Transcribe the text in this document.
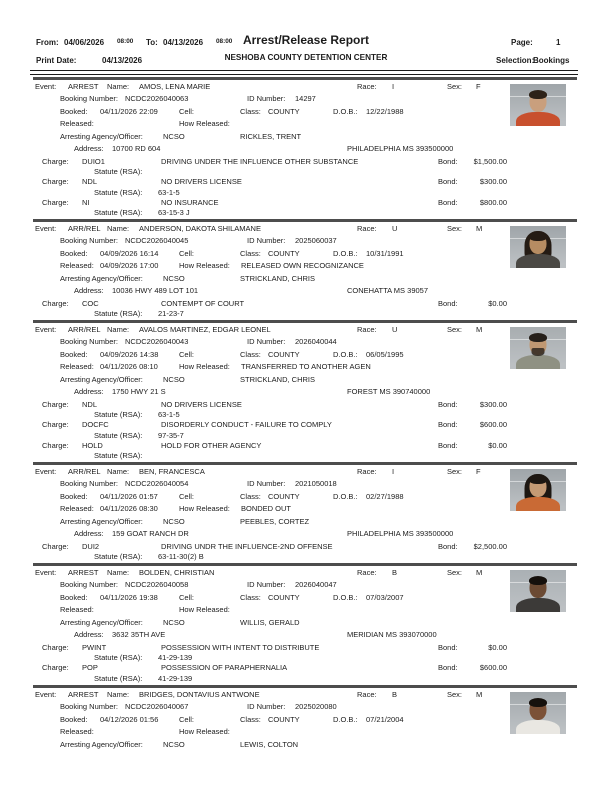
From: 04/06/2026 08:00 To: 04/13/2026 08:00 Arrest/Release Report	Page:	1
Print Date:	04/13/2026	NESHOBA COUNTY DETENTION CENTER	Selection:
Bookings
Event: ARREST Name: AMOS, LENA MARIE	Race: I	Sex: F
Booking Number: NCDC2026040063	ID Number: 14297
Booked: 04/11/2026 22:09	Cell:	Class: COUNTY	D.O.B.: 12/22/1988
Released:	How Released:
Arresting Agency/Officer:	NCSO	RICKLES, TRENT
Address: 10700 RD 604	PHILADELPHIA MS 393500000
Charge: DUIO1	DRIVING UNDER THE INFLUENCE OTHER SUBSTANCE	Bond:	$1,500.00
Statute (RSA):
Charge: NDL	NO DRIVERS LICENSE	Bond:	$300.00
Statute (RSA): 63-1-5
Charge: NI	NO INSURANCE	Bond:	$800.00
Statute (RSA): 63-15-3 J
Event: ARR/REL Name: ANDERSON, DAKOTA SHILAMANE	Race: U	Sex: M
Booking Number: NCDC2026040045	ID Number: 2025060037
Booked: 04/09/2026 16:14	Cell:	Class: COUNTY	D.O.B.: 10/31/1991
Released: 04/09/2026 17:00	How Released: RELEASED OWN RECOGNIZANCE
Arresting Agency/Officer:	NCSO	STRICKLAND, CHRIS
Address: 10036 HWY 489 LOT 101	CONEHATTA MS 39057
Charge: COC	CONTEMPT OF COURT	Bond:	$0.00
Statute (RSA): 21-23-7
Event: ARR/REL Name: AVALOS MARTINEZ, EDGAR LEONEL	Race: U	Sex: M
Booking Number: NCDC2026040043	ID Number: 2026040044
Booked: 04/09/2026 14:38	Cell:	Class: COUNTY	D.O.B.: 06/05/1995
Released: 04/11/2026 08:10	How Released: TRANSFERRED TO ANOTHER AGEN
Arresting Agency/Officer:	NCSO	STRICKLAND, CHRIS
Address: 1750 HWY 21 S	FOREST MS 390740000
Charge: NDL	NO DRIVERS LICENSE	Bond:	$300.00
Statute (RSA): 63-1-5
Charge: DOCFC	DISORDERLY CONDUCT - FAILURE TO COMPLY	Bond:	$600.00
Statute (RSA): 97-35-7
Charge: HOLD	HOLD FOR OTHER AGENCY	Bond:	$0.00
Statute (RSA):
Event: ARR/REL Name: BEN, FRANCESCA	Race: I	Sex: F
Booking Number: NCDC2026040054	ID Number: 2021050018
Booked: 04/11/2026 01:57	Cell:	Class: COUNTY	D.O.B.: 02/27/1988
Released: 04/11/2026 08:30	How Released: BONDED OUT
Arresting Agency/Officer:	NCSO	PEEBLES, CORTEZ
Address: 159 GOAT RANCH DR	PHILADELPHIA MS 393500000
Charge: DUI2	DRIVING UNDR THE INFLUENCE-2ND OFFENSE	Bond:	$2,500.00
Statute (RSA): 63-11-30(2) B
Event: ARREST Name: BOLDEN, CHRISTIAN	Race: B	Sex: M
Booking Number: NCDC2026040058	ID Number: 2026040047
Booked: 04/11/2026 19:38	Cell:	Class: COUNTY	D.O.B.: 07/03/2007
Released:	How Released:
Arresting Agency/Officer:	NCSO	WILLIS, GERALD
Address: 3632 35TH AVE	MERIDIAN MS 393070000
Charge: PWINT	POSSESSION WITH INTENT TO DISTRIBUTE	Bond:	$0.00
Statute (RSA): 41-29-139
Charge: POP	POSSESSION OF PARAPHERNALIA	Bond:	$600.00
Statute (RSA): 41-29-139
Event: ARREST Name: BRIDGES, DONTAVIUS ANTWONE	Race: B	Sex: M
Booking Number: NCDC2026040067	ID Number: 2025020080
Booked: 04/12/2026 01:56	Cell:	Class: COUNTY	D.O.B.: 07/21/2004
Released:	How Released:
Arresting Agency/Officer:	NCSO	LEWIS, COLTON
